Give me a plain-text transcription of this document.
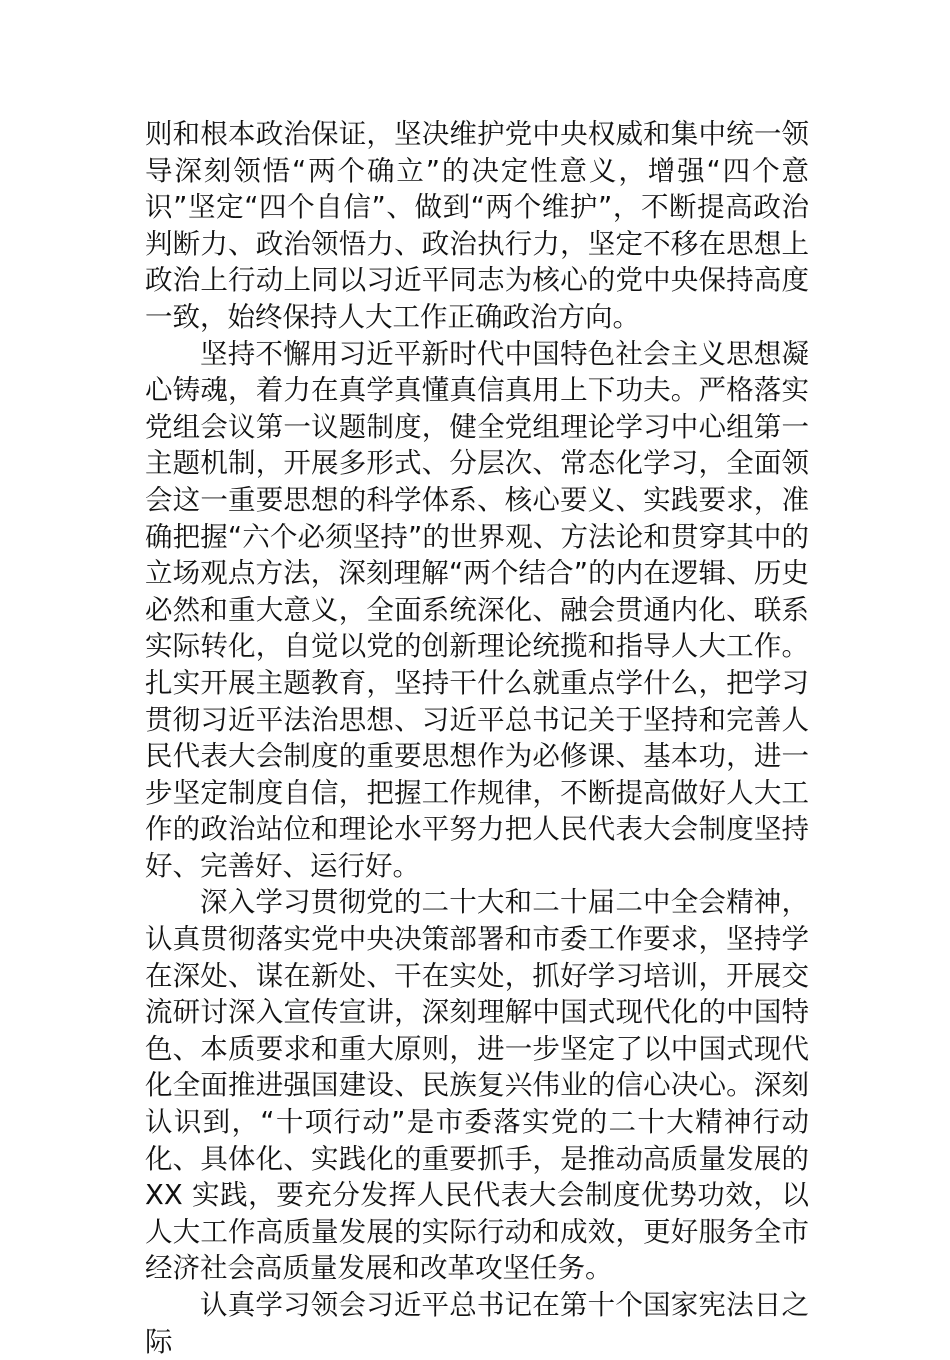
则和根本政治保证，坚决维护党中央权威和集中统一领导深刻领悟“两个确立”的决定性意义，增强“四个意识”坚定“四个自信”、做到“两个维护”，不断提高政治判断力、政治领悟力、政治执行力，坚定不移在思想上政治上行动上同以习近平同志为核心的党中央保持高度一致，始终保持人大工作正确政治方向。

坚持不懈用习近平新时代中国特色社会主义思想凝心铸魂，着力在真学真懂真信真用上下功夫。严格落实党组会议第一议题制度，健全党组理论学习中心组第一主题机制，开展多形式、分层次、常态化学习，全面领会这一重要思想的科学体系、核心要义、实践要求，准确把握“六个必须坚持”的世界观、方法论和贯穿其中的立场观点方法，深刻理解“两个结合”的内在逻辑、历史必然和重大意义，全面系统深化、融会贯通内化、联系实际转化，自觉以党的创新理论统揽和指导人大工作。扎实开展主题教育，坚持干什么就重点学什么，把学习贯彻习近平法治思想、习近平总书记关于坚持和完善人民代表大会制度的重要思想作为必修课、基本功，进一步坚定制度自信，把握工作规律，不断提高做好人大工作的政治站位和理论水平努力把人民代表大会制度坚持好、完善好、运行好。

深入学习贯彻党的二十大和二十届二中全会精神，认真贯彻落实党中央决策部署和市委工作要求，坚持学在深处、谋在新处、干在实处，抓好学习培训，开展交流研讨深入宣传宣讲，深刻理解中国式现代化的中国特色、本质要求和重大原则，进一步坚定了以中国式现代化全面推进强国建设、民族复兴伟业的信心决心。深刻认识到，“十项行动”是市委落实党的二十大精神行动化、具体化、实践化的重要抓手，是推动高质量发展的 XX 实践，要充分发挥人民代表大会制度优势功效，以人大工作高质量发展的实际行动和成效，更好服务全市经济社会高质量发展和改革攻坚任务。

认真学习领会习近平总书记在第十个国家宪法日之际
